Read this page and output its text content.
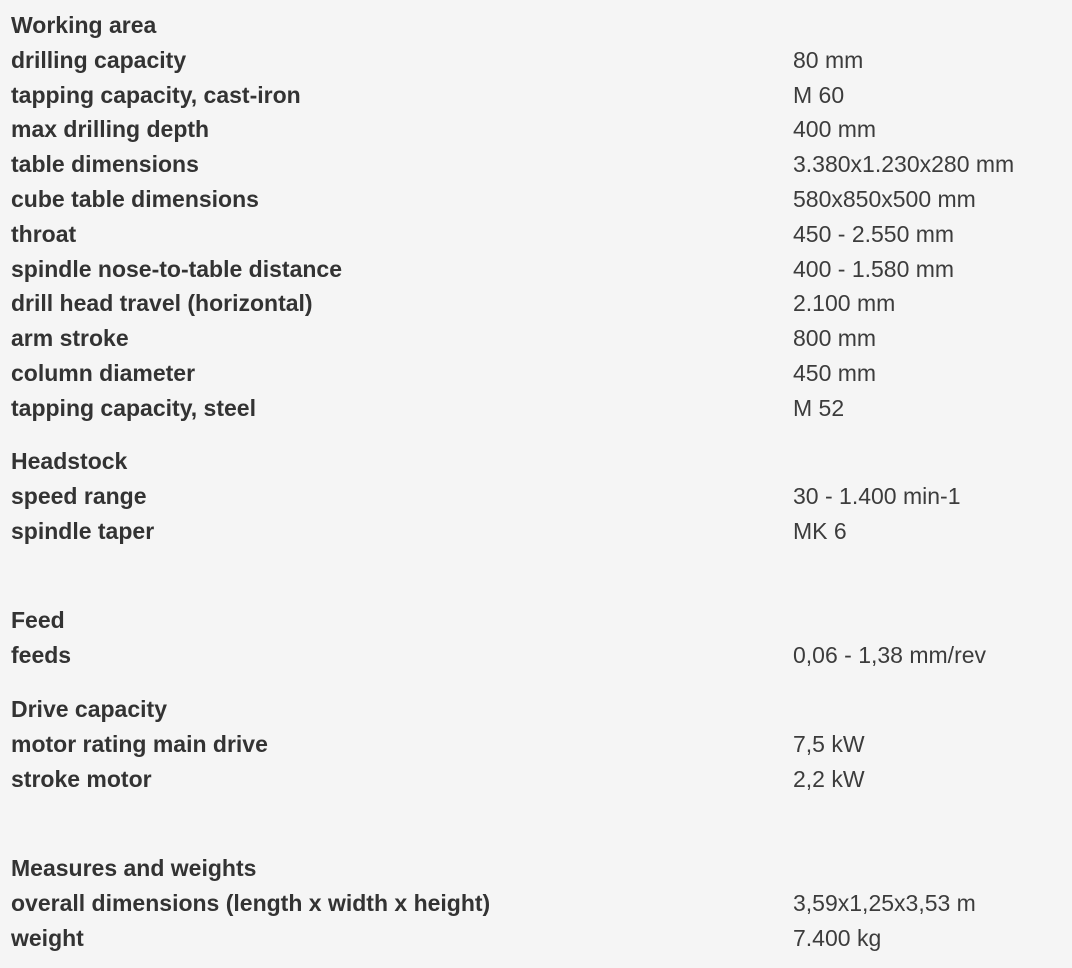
Working area
drilling capacity	80 mm
tapping capacity, cast-iron	M 60
max drilling depth	400 mm
table dimensions	3.380x1.230x280 mm
cube table dimensions	580x850x500 mm
throat	450 - 2.550 mm
spindle nose-to-table distance	400 - 1.580 mm
drill head travel (horizontal)	2.100 mm
arm stroke	800 mm
column diameter	450 mm
tapping capacity, steel	M 52
Headstock
speed range	30 - 1.400 min-1
spindle taper	MK 6
Feed
feeds	0,06 - 1,38 mm/rev
Drive capacity
motor rating main drive	7,5 kW
stroke motor	2,2 kW
Measures and weights
overall dimensions (length x width x height)	3,59x1,25x3,53 m
weight	7.400 kg
